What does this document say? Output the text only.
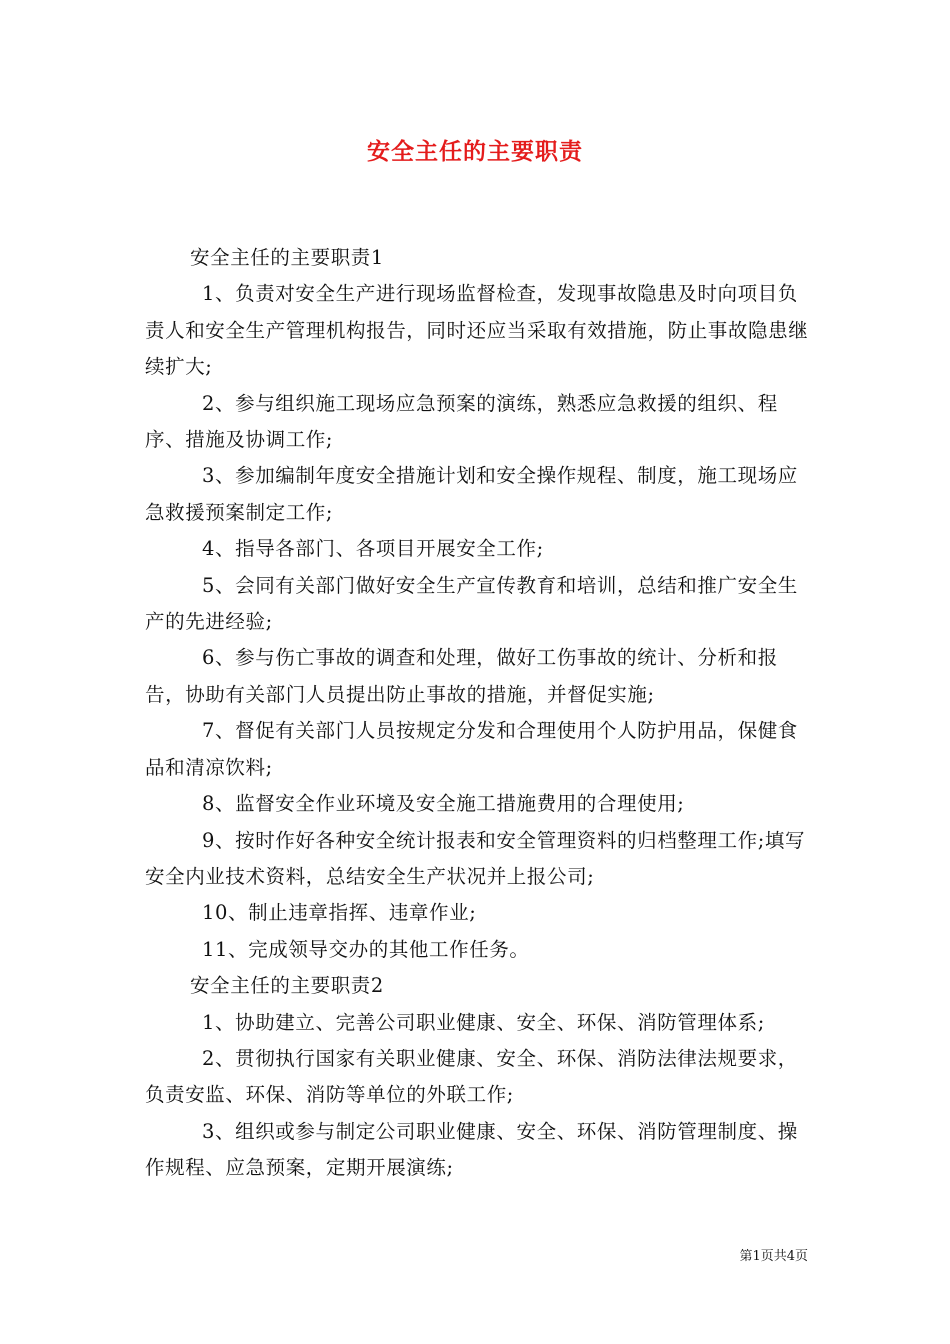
安全主任的主要职责

安全主任的主要职责1

1、负责对安全生产进行现场监督检查，发现事故隐患及时向项目负责人和安全生产管理机构报告，同时还应当采取有效措施，防止事故隐患继续扩大;

2、参与组织施工现场应急预案的演练，熟悉应急救援的组织、程序、措施及协调工作;

3、参加编制年度安全措施计划和安全操作规程、制度，施工现场应急救援预案制定工作;

4、指导各部门、各项目开展安全工作;

5、会同有关部门做好安全生产宣传教育和培训，总结和推广安全生产的先进经验;

6、参与伤亡事故的调查和处理，做好工伤事故的统计、分析和报告，协助有关部门人员提出防止事故的措施，并督促实施;

7、督促有关部门人员按规定分发和合理使用个人防护用品，保健食品和清凉饮料;

8、监督安全作业环境及安全施工措施费用的合理使用;

9、按时作好各种安全统计报表和安全管理资料的归档整理工作;填写安全内业技术资料，总结安全生产状况并上报公司;

10、制止违章指挥、违章作业;

11、完成领导交办的其他工作任务。

安全主任的主要职责2

1、协助建立、完善公司职业健康、安全、环保、消防管理体系;

2、贯彻执行国家有关职业健康、安全、环保、消防法律法规要求，负责安监、环保、消防等单位的外联工作;

3、组织或参与制定公司职业健康、安全、环保、消防管理制度、操作规程、应急预案，定期开展演练;

第1页共4页
